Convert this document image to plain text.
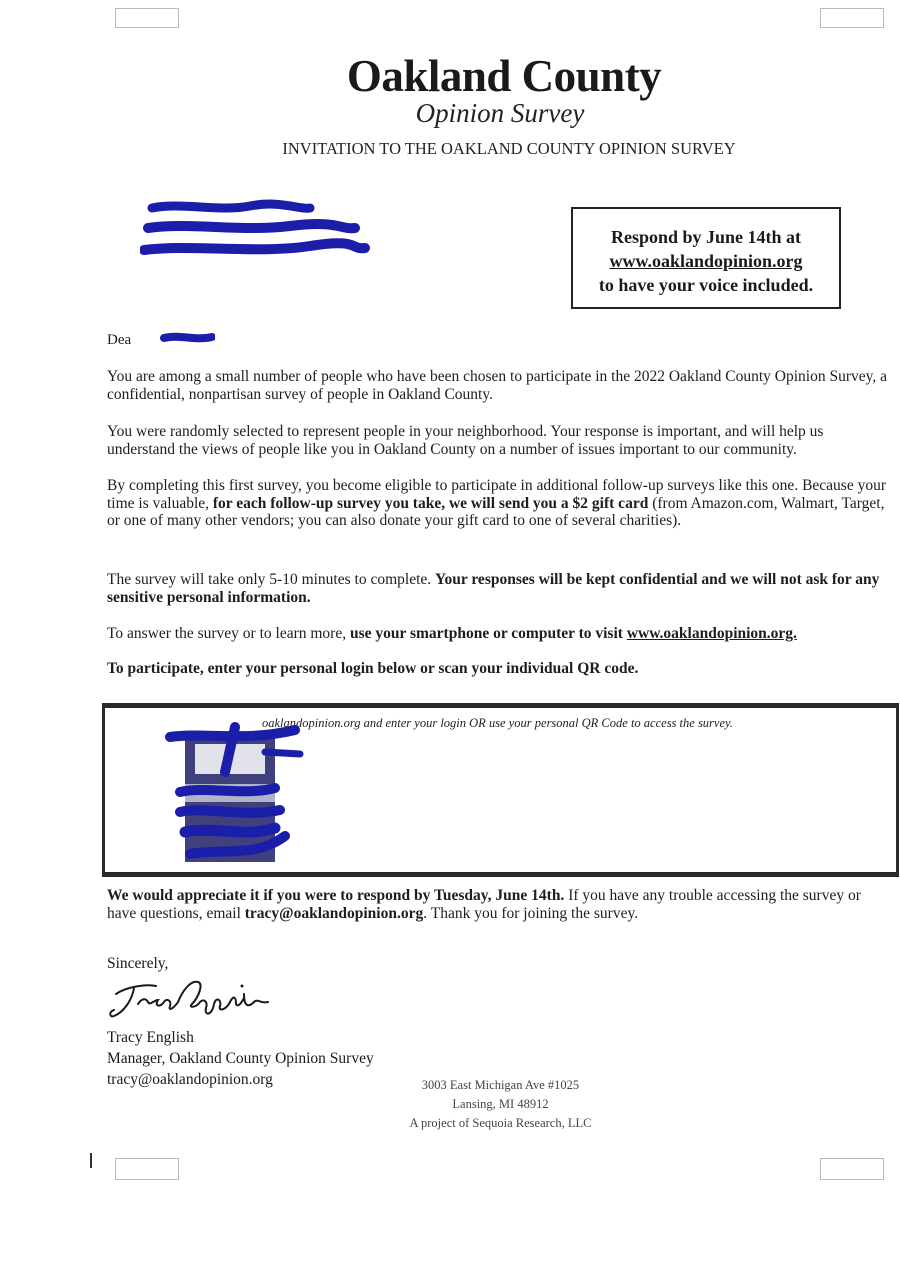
Oakland County
Opinion Survey
INVITATION TO THE OAKLAND COUNTY OPINION SURVEY
Respond by June 14th at
www.oaklandopinion.org
to have your voice included.
Dea
You are among a small number of people who have been chosen to participate in the 2022 Oakland County Opinion Survey, a confidential, nonpartisan survey of people in Oakland County.
You were randomly selected to represent people in your neighborhood. Your response is important, and will help us understand the views of people like you in Oakland County on a number of issues important to our community.
By completing this first survey, you become eligible to participate in additional follow-up surveys like this one. Because your time is valuable, for each follow-up survey you take, we will send you a $2 gift card (from Amazon.com, Walmart, Target, or one of many other vendors; you can also donate your gift card to one of several charities).
The survey will take only 5-10 minutes to complete. Your responses will be kept confidential and we will not ask for any sensitive personal information.
To answer the survey or to learn more, use your smartphone or computer to visit www.oaklandopinion.org.
To participate, enter your personal login below or scan your individual QR code.
oaklandopinion.org and enter your login OR use your personal QR Code to access the survey.
We would appreciate it if you were to respond by Tuesday, June 14th. If you have any trouble accessing the survey or have questions, email tracy@oaklandopinion.org. Thank you for joining the survey.
Sincerely,
Tracy English
Manager, Oakland County Opinion Survey
tracy@oaklandopinion.org	3003 East Michigan Ave #1025
Lansing, MI 48912
A project of Sequoia Research, LLC
